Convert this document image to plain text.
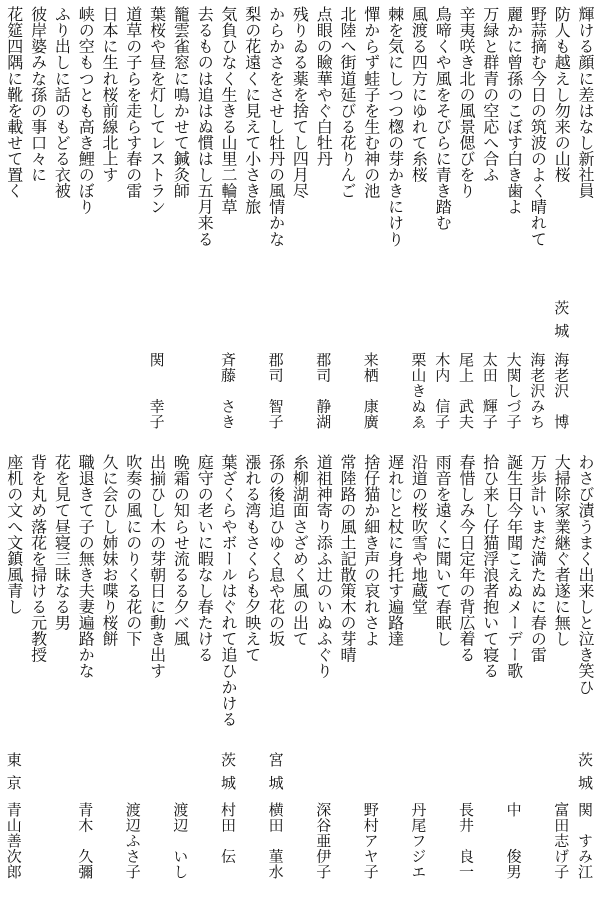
輝ける顔に差はなし新社員
防人も越えし勿来の山桜
茨城
海老沢　博
野蒜摘む今日の筑波のよく晴れて
海老沢みち
麗かに曾孫のこぼす白き歯よ
大関しづ子
万緑と群青の空応へ合ふ
太田　輝子
辛夷咲き北の風景偲びをり
尾上　武夫
鳥啼くや風をそびらに青き踏む
木内　信子
風渡る四方にゆれて糸桜
栗山きぬゑ
棘を気にしつつ楤の芽かきにけり
憚からず蛙子を生む神の池
来栖　康廣
北陸へ街道延びる花りんご
点眼の瞼華やぐ白牡丹
郡司　静湖
残りゐる薬を捨てし四月尽
からかさをさせし牡丹の風情かな
郡司　智子
梨の花遠くに見えて小さき旅
気負ひなく生きる山里二輪草
斉藤　さき
去るものは追はぬ慣はし五月来る
籠雲雀窓に鳴かせて鍼灸師
葉桜や昼を灯してレストラン
関　　幸子
道草の子らを走らす春の雷
日本に生れ桜前線北上す
峡の空もつとも高き鯉のぼり
ふり出しに話のもどる衣被
彼岸婆みな孫の事口々に
花筵四隅に靴を載せて置く
わさび漬うまく出来しと泣き笑ひ
茨城
関　すみ江
大掃除家業継ぐ者遂に無し
富田志げ子
万歩計いまだ満たぬに春の雷
誕生日今年聞こえぬメーデー歌
中　　俊男
拾ひ来し仔猫浮浪者抱いて寝る
春惜しみ今日定年の背広着る
長井　良一
雨音を遠くに聞いて春眠し
沿道の桜吹雪や地蔵堂
丹尾フジエ
遅れじと杖に身托す遍路達
捨仔猫か細き声の哀れさよ
野村アヤ子
常陸路の風土記散策木の芽晴
道祖神寄り添ふ辻のいぬふぐり
深谷亜伊子
糸柳湖面さざめく風の出て
孫の後追ひゆく息や花の坂
宮城
横田　菫水
漲れる湾もさくらも夕映えて
葉ざくらやボールはぐれて追ひかける
茨城
村田　伝
庭守の老いに暇なし春たける
晩霜の知らせ流るる夕べ風
渡辺　いし
出揃ひし木の芽朝日に動き出す
吹奏の風にのりくる花の下
渡辺ふさ子
久に会ひし姉妹お喋り桜餅
職退きて子の無き夫妻遍路かな
青木　久彌
花を見て昼寝三昧なる男
背を丸め落花を掃ける元教授
座机の文へ文鎮風青し
東京
青山善次郎
